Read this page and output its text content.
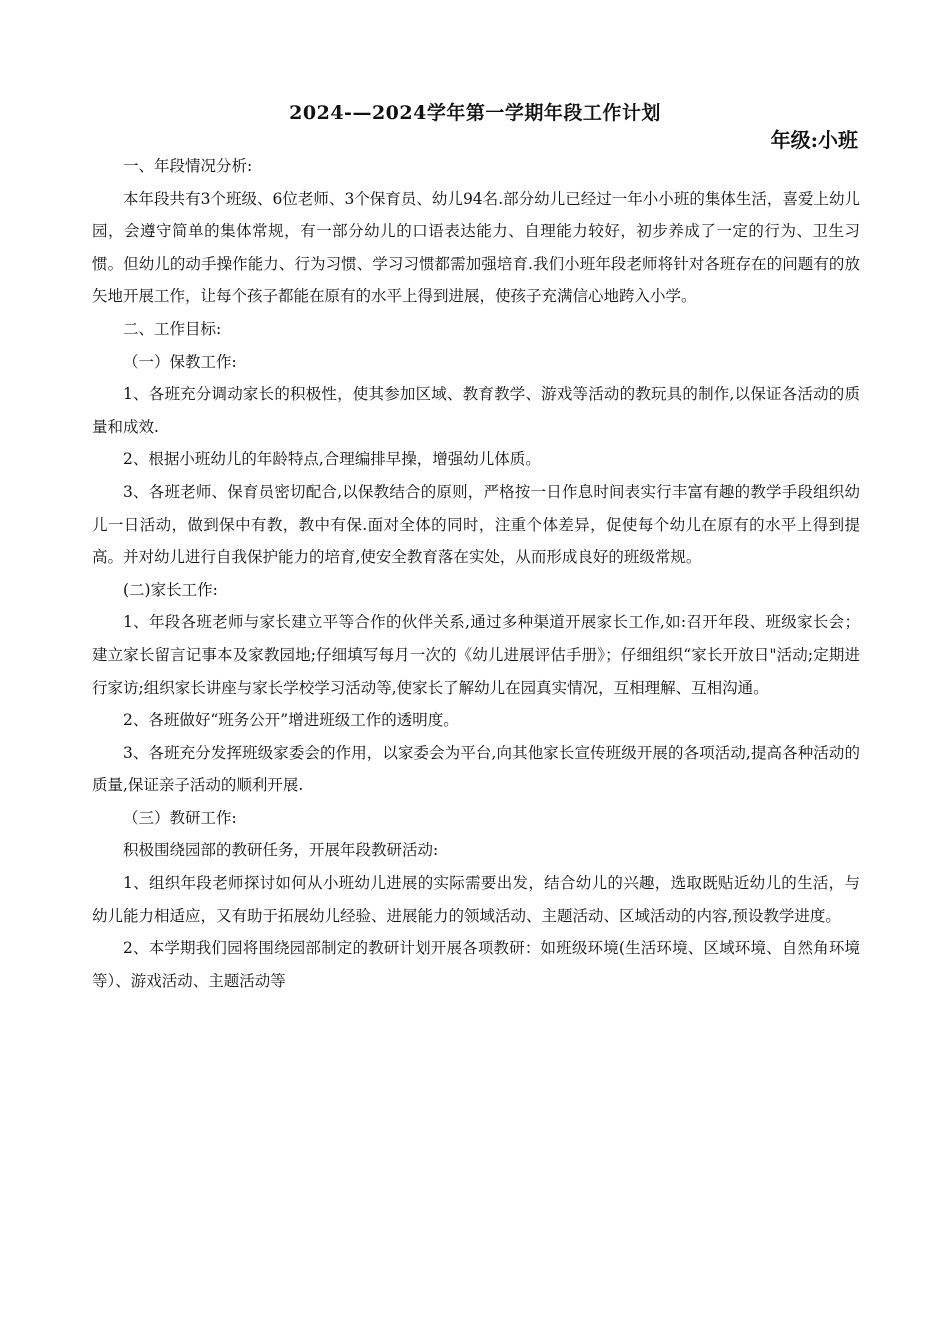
2024-—2024学年第一学期年段工作计划
年级:小班

一、年段情况分析:

本年段共有3个班级、6位老师、3个保育员、幼儿94名.部分幼儿已经过一年小小班的集体生活，喜爱上幼儿园，会遵守简单的集体常规，有一部分幼儿的口语表达能力、自理能力较好，初步养成了一定的行为、卫生习惯。但幼儿的动手操作能力、行为习惯、学习习惯都需加强培育.我们小班年段老师将针对各班存在的问题有的放矢地开展工作，让每个孩子都能在原有的水平上得到进展，使孩子充满信心地跨入小学。

二、工作目标:

（一）保教工作:

1、各班充分调动家长的积极性，使其参加区域、教育教学、游戏等活动的教玩具的制作,以保证各活动的质量和成效.

2、根据小班幼儿的年龄特点,合理编排早操，增强幼儿体质。

3、各班老师、保育员密切配合,以保教结合的原则，严格按一日作息时间表实行丰富有趣的教学手段组织幼儿一日活动，做到保中有教，教中有保.面对全体的同时，注重个体差异，促使每个幼儿在原有的水平上得到提高。并对幼儿进行自我保护能力的培育,使安全教育落在实处，从而形成良好的班级常规。

(二)家长工作:

1、年段各班老师与家长建立平等合作的伙伴关系,通过多种渠道开展家长工作,如:召开年段、班级家长会；建立家长留言记事本及家教园地;仔细填写每月一次的《幼儿进展评估手册》；仔细组织“家长开放日"活动;定期进行家访;组织家长讲座与家长学校学习活动等,使家长了解幼儿在园真实情况，互相理解、互相沟通。

2、各班做好“班务公开”增进班级工作的透明度。

3、各班充分发挥班级家委会的作用，以家委会为平台,向其他家长宣传班级开展的各项活动,提高各种活动的质量,保证亲子活动的顺利开展.

（三）教研工作:

积极围绕园部的教研任务，开展年段教研活动:

1、组织年段老师探讨如何从小班幼儿进展的实际需要出发，结合幼儿的兴趣，选取既贴近幼儿的生活，与幼儿能力相适应，又有助于拓展幼儿经验、进展能力的领域活动、主题活动、区域活动的内容,预设教学进度。

2、本学期我们园将围绕园部制定的教研计划开展各项教研：如班级环境(生活环境、区域环境、自然角环境等）、游戏活动、主题活动等
